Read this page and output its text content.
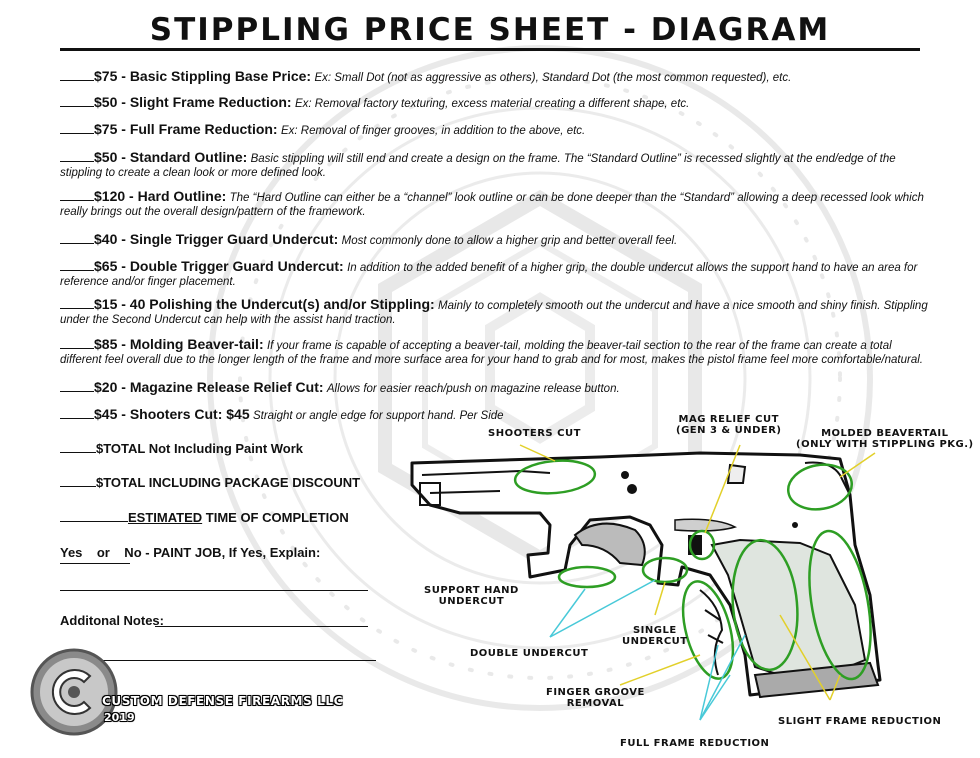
STIPPLING PRICE SHEET - DIAGRAM
$75 - Basic Stippling Base Price: Ex: Small Dot (not as aggressive as others), Standard Dot (the most common requested), etc.
$50 - Slight Frame Reduction: Ex: Removal factory texturing, excess material creating a different shape, etc.
$75 - Full Frame Reduction: Ex: Removal of finger grooves, in addition to the above, etc.
$50 - Standard Outline: Basic stippling will still end and create a design on the frame. The “Standard Outline” is recessed slightly at the end/edge of the stippling to create a clean look or more defined look.
$120 - Hard Outline: The “Hard Outline can either be a “channel” look outline or can be done deeper than the “Standard” allowing a deep recessed look which really brings out the overall design/pattern of the framework.
$40 - Single Trigger Guard Undercut: Most commonly done to allow a higher grip and better overall feel.
$65 - Double Trigger Guard Undercut: In addition to the added benefit of a higher grip, the double undercut allows the support hand to have an area for reference and/or finger placement.
$15 - 40 Polishing the Undercut(s) and/or Stippling: Mainly to completely smooth out the undercut and have a nice smooth and shiny finish. Stippling under the Second Undercut can help with the assist hand traction.
$85 - Molding Beaver-tail: If your frame is capable of accepting a beaver-tail, molding the beaver-tail section to the rear of the frame can create a total different feel overall due to the longer length of the frame and more surface area for your hand to grab and for most, makes the pistol frame feel more comfortable/natural.
$20 - Magazine Release Relief Cut: Allows for easier reach/push on magazine release button.
$45 - Shooters Cut: $45 Straight or angle edge for support hand. Per Side
$TOTAL Not Including Paint Work
$TOTAL INCLUDING PACKAGE DISCOUNT
ESTIMATED TIME OF COMPLETION
Yes    or    No - PAINT JOB, If Yes, Explain:
Additonal Notes:
CUSTOM DEFENSE FIREARMS LLC
2019
SHOOTERS CUT
MAG RELIEF CUT
(GEN 3 & UNDER)	MOLDED BEAVERTAIL
(ONLY WITH STIPPLING PKG.)
SUPPORT HAND
UNDERCUT
SINGLE
UNDERCUT
DOUBLE UNDERCUT
FINGER GROOVE
REMOVAL
SLIGHT FRAME REDUCTION
FULL FRAME REDUCTION
